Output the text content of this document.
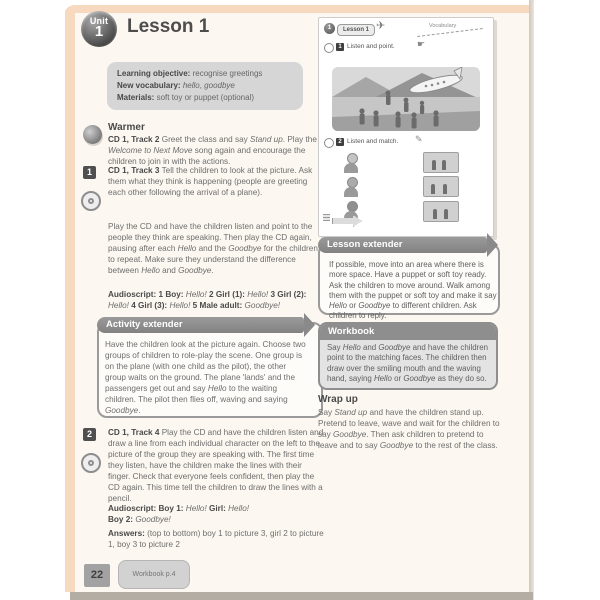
Unit
1	Lesson 1
Learning objective: recognise greetings
New vocabulary: hello, goodbye
Materials: soft toy or puppet (optional)
Warmer
CD 1, Track 2 Greet the class and say Stand up. Play the Welcome to Next Move song again and encourage the children to join in with the actions.
1	CD 1, Track 3 Tell the children to look at the picture. Ask them what they think is happening (people are greeting each other following the arrival of a plane).
Play the CD and have the children listen and point to the people they think are speaking. Then play the CD again, pausing after each Hello and the Goodbye for the children to repeat. Make sure they understand the difference between Hello and Goodbye.
Audioscript: 1 Boy: Hello! 2 Girl (1): Hello! 3 Girl (2): Hello! 4 Girl (3): Hello! 5 Male adult: Goodbye!
Activity extender
Have the children look at the picture again. Choose two groups of children to role-play the scene. One group is on the plane (with one child as the pilot), the other group waits on the ground. The plane 'lands' and the passengers get out and say Hello to the waiting children. The pilot then flies off, waving and saying Goodbye.
2	CD 1, Track 4 Play the CD and have the children listen and draw a line from each individual character on the left to the picture of the group they are speaking with. The first time they listen, have the children make the lines with their finger. Check that everyone feels confident, then play the CD again. This time tell the children to draw the lines with a pencil.
Audioscript: Boy 1: Hello! Girl: Hello!
Boy 2: Goodbye!
Answers: (top to bottom) boy 1 to picture 3, girl 2 to picture 1, boy 3 to picture 2
1	Lesson 1 ✈	Vocabulary
1 Listen and point. ☛
2 Listen and match. ✎
Lesson extender
If possible, move into an area where there is more space. Have a puppet or soft toy ready. Ask the children to move around. Walk among them with the puppet or soft toy and make it say Hello or Goodbye to different children. Ask children to reply.
Workbook
Say Hello and Goodbye and have the children point to the matching faces. The children then draw over the smiling mouth and the waving hand, saying Hello or Goodbye as they do so.
Wrap up
Say Stand up and have the children stand up. Pretend to leave, wave and wait for the children to say Goodbye. Then ask children to pretend to leave and to say Goodbye to the rest of the class.
22	Workbook p.4
